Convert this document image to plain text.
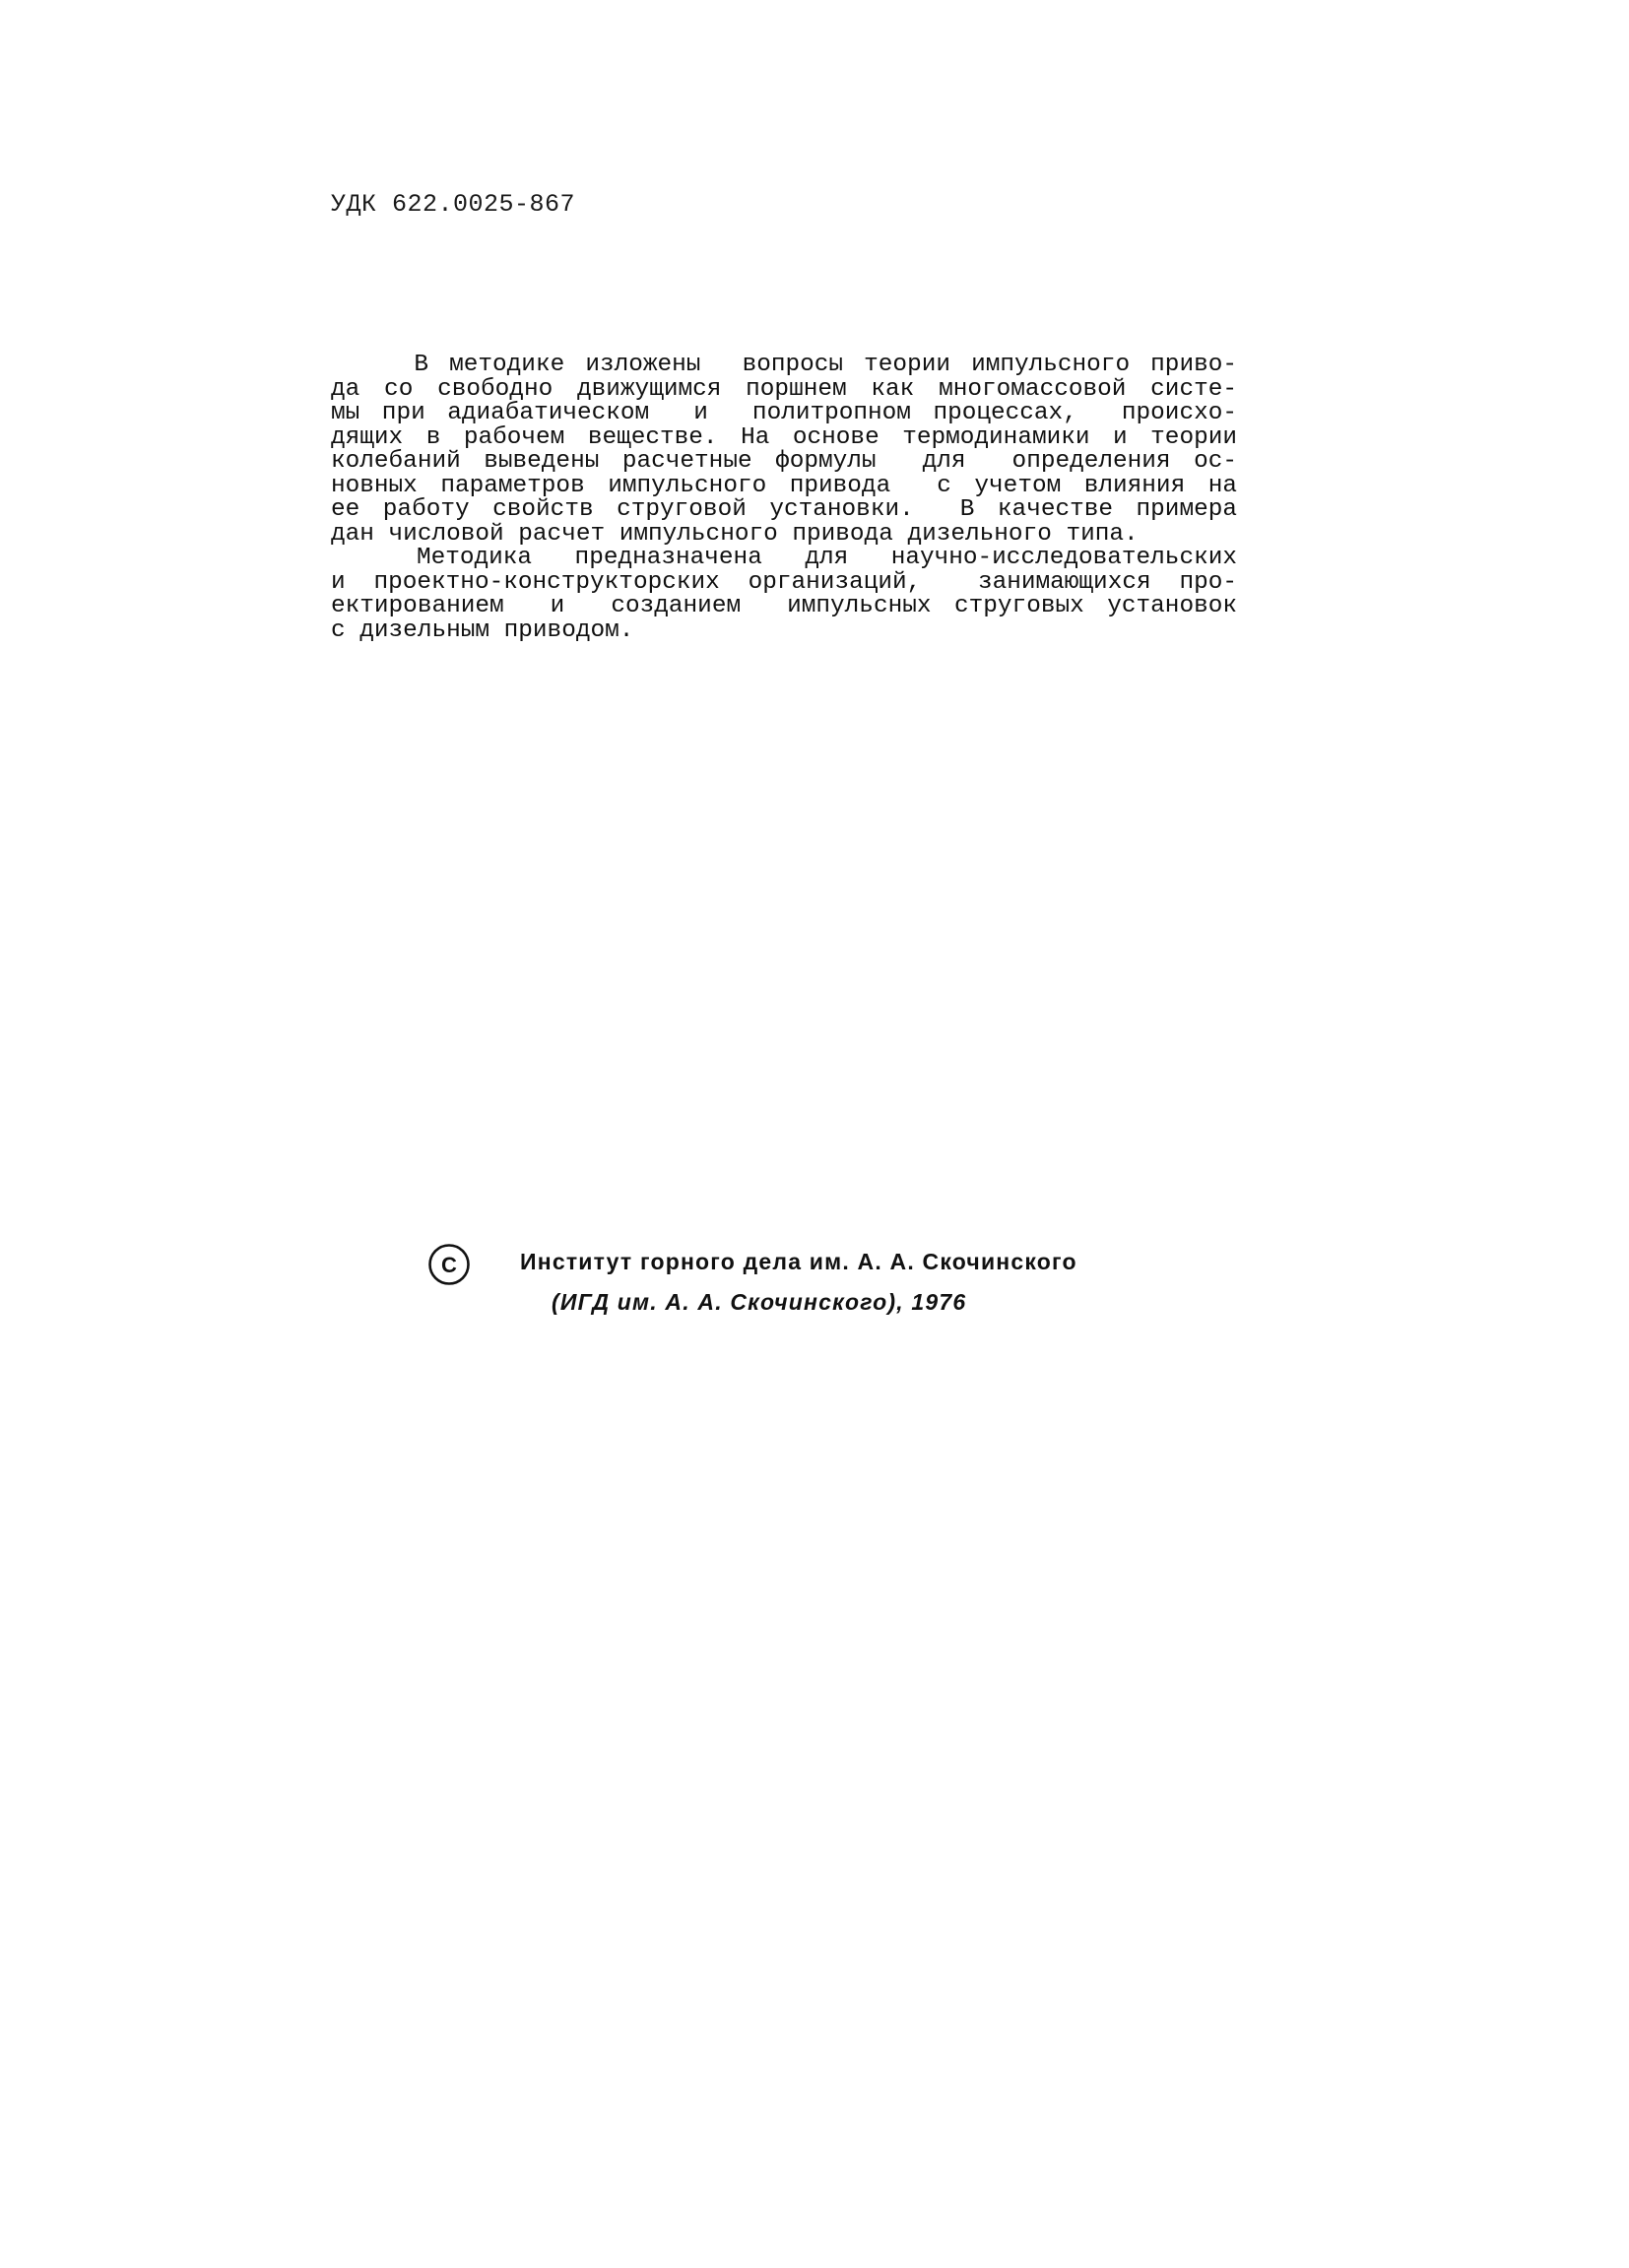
УДК 622.0025-867
В методике изложены  вопросы теории импульсного приво-
да со свободно движущимся поршнем как многомассовой систе-
мы при адиабатическом  и  политропном процессах,  происхо-
дящих в рабочем веществе. На основе термодинамики и теории
колебаний выведены расчетные формулы  для  определения ос-
новных параметров импульсного привода  с учетом влияния на
ее работу свойств струговой установки.  В качестве примера
дан числовой расчет импульсного привода дизельного типа.
Методика  предназначена  для  научно-исследовательских
и проектно-конструкторских организаций,  занимающихся про-
ектированием  и  созданием  импульсных струговых установок
с дизельным приводом.
C	Институт горного дела им. А. А. Скочинского
(ИГД им. А. А. Скочинского), 1976
